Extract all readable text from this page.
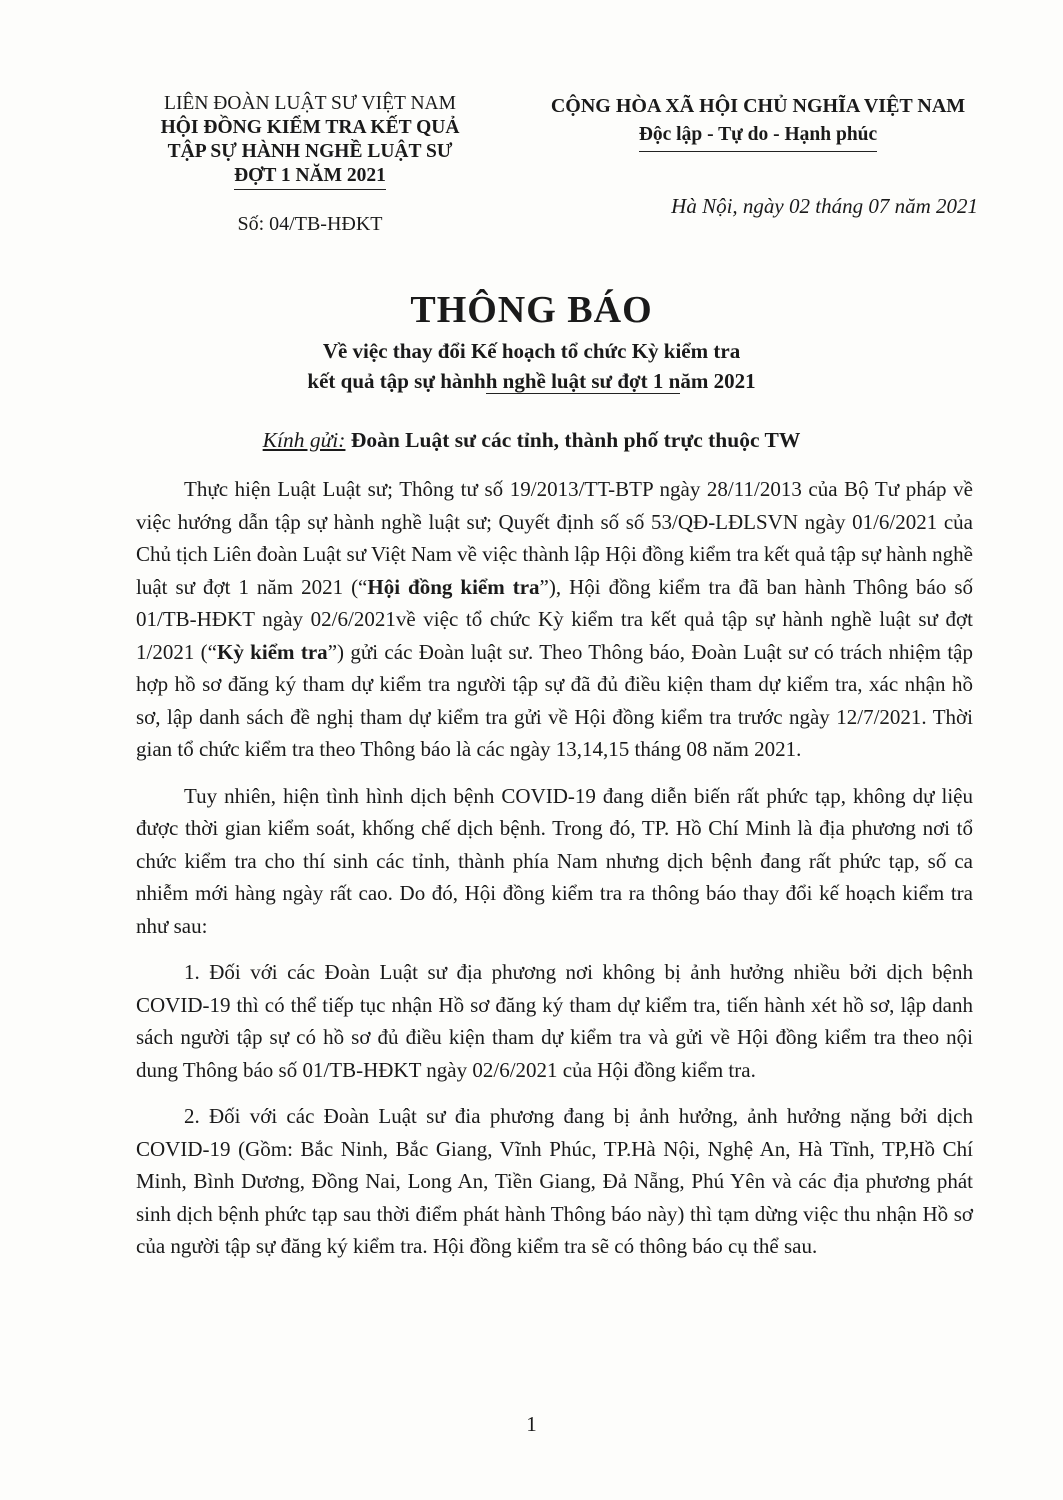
LIÊN ĐOÀN LUẬT SƯ VIỆT NAM
HỘI ĐỒNG KIỂM TRA KẾT QUẢ
TẬP SỰ HÀNH NGHỀ LUẬT SƯ
ĐỢT 1 NĂM 2021
Số: 04/TB-HĐKT
CỘNG HÒA XÃ HỘI CHỦ NGHĨA VIỆT NAM
Độc lập - Tự do - Hạnh phúc
Hà Nội, ngày 02 tháng 07 năm 2021
THÔNG BÁO
Về việc thay đổi Kế hoạch tổ chức Kỳ kiểm tra
kết quả tập sự hànhh nghề luật sư đợt 1 năm 2021
Kính gửi: Đoàn Luật sư các tỉnh, thành phố trực thuộc TW

Thực hiện Luật Luật sư; Thông tư số 19/2013/TT-BTP ngày 28/11/2013 của Bộ Tư pháp về việc hướng dẫn tập sự hành nghề luật sư; Quyết định số số 53/QĐ-LĐLSVN ngày 01/6/2021 của Chủ tịch Liên đoàn Luật sư Việt Nam về việc thành lập Hội đồng kiểm tra kết quả tập sự hành nghề luật sư đợt 1 năm 2021 (“Hội đồng kiểm tra”), Hội đồng kiểm tra đã ban hành Thông báo số 01/TB-HĐKT ngày 02/6/2021về việc tổ chức Kỳ kiểm tra kết quả tập sự hành nghề luật sư đợt 1/2021 (“Kỳ kiểm tra”) gửi các Đoàn luật sư. Theo Thông báo, Đoàn Luật sư có trách nhiệm tập hợp hồ sơ đăng ký tham dự kiểm tra người tập sự đã đủ điều kiện tham dự kiểm tra, xác nhận hồ sơ, lập danh sách đề nghị tham dự kiểm tra gửi về Hội đồng kiểm tra trước ngày 12/7/2021. Thời gian tổ chức kiểm tra theo Thông báo là các ngày 13,14,15 tháng 08 năm 2021.

Tuy nhiên, hiện tình hình dịch bệnh COVID-19 đang diễn biến rất phức tạp, không dự liệu được thời gian kiểm soát, khống chế dịch bệnh. Trong đó, TP. Hồ Chí Minh là địa phương nơi tổ chức kiểm tra cho thí sinh các tỉnh, thành phía Nam nhưng dịch bệnh đang rất phức tạp, số ca nhiễm mới hàng ngày rất cao. Do đó, Hội đồng kiểm tra ra thông báo thay đổi kế hoạch kiểm tra như sau:

1. Đối với các Đoàn Luật sư địa phương nơi không bị ảnh hưởng nhiều bởi dịch bệnh COVID-19 thì có thể tiếp tục nhận Hồ sơ đăng ký tham dự kiểm tra, tiến hành xét hồ sơ, lập danh sách người tập sự có hồ sơ đủ điều kiện tham dự kiểm tra và gửi về Hội đồng kiểm tra theo nội dung Thông báo số 01/TB-HĐKT ngày 02/6/2021 của Hội đồng kiểm tra.

2. Đối với các Đoàn Luật sư đia phương đang bị ảnh hưởng, ảnh hưởng nặng bởi dịch COVID-19 (Gồm: Bắc Ninh, Bắc Giang, Vĩnh Phúc, TP.Hà Nội, Nghệ An, Hà Tĩnh, TP,Hồ Chí Minh, Bình Dương, Đồng Nai, Long An, Tiền Giang, Đả Nẵng, Phú Yên và các địa phương phát sinh dịch bệnh phức tạp sau thời điểm phát hành Thông báo này) thì tạm dừng việc thu nhận Hồ sơ của người tập sự đăng ký kiểm tra. Hội đồng kiểm tra sẽ có thông báo cụ thể sau.

1
